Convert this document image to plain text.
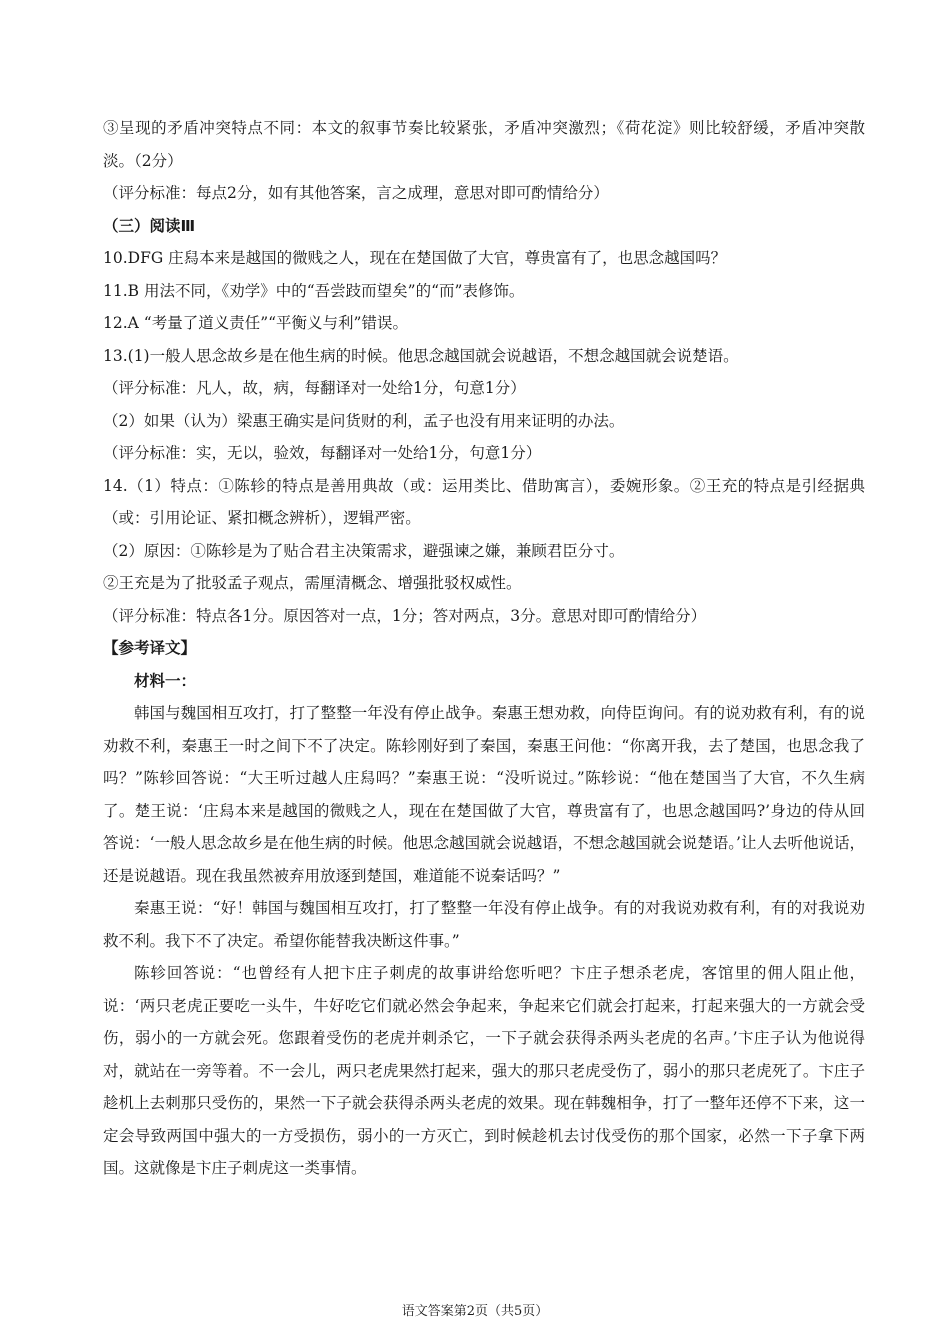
③呈现的矛盾冲突特点不同：本文的叙事节奏比较紧张，矛盾冲突激烈；《荷花淀》则比较舒缓，矛盾冲突散淡。（2分）
（评分标准：每点2分，如有其他答案，言之成理，意思对即可酌情给分）
（三）阅读Ⅲ
10.DFG 庄舄本来是越国的微贱之人，现在在楚国做了大官，尊贵富有了，也思念越国吗？
11.B 用法不同，《劝学》中的“吾尝跂而望矣”的“而”表修饰。
12.A “考量了道义责任”“平衡义与利”错误。
13.(1)一般人思念故乡是在他生病的时候。他思念越国就会说越语，不想念越国就会说楚语。
（评分标准：凡人，故，病，每翻译对一处给1分，句意1分）
（2）如果（认为）梁惠王确实是问货财的利，孟子也没有用来证明的办法。
（评分标准：实，无以，验效，每翻译对一处给1分，句意1分）
14.（1）特点：①陈轸的特点是善用典故（或：运用类比、借助寓言），委婉形象。②王充的特点是引经据典（或：引用论证、紧扣概念辨析），逻辑严密。
（2）原因：①陈轸是为了贴合君主决策需求，避强谏之嫌，兼顾君臣分寸。
②王充是为了批驳孟子观点，需厘清概念、增强批驳权威性。
（评分标准：特点各1分。原因答对一点，1分；答对两点，3分。意思对即可酌情给分）
【参考译文】
材料一：
韩国与魏国相互攻打，打了整整一年没有停止战争。秦惠王想劝救，向侍臣询问。有的说劝救有利，有的说劝救不利，秦惠王一时之间下不了决定。陈轸刚好到了秦国，秦惠王问他：“你离开我，去了楚国，也思念我了吗？”陈轸回答说：“大王听过越人庄舄吗？”秦惠王说：“没听说过。”陈轸说：“他在楚国当了大官，不久生病了。楚王说：‘庄舄本来是越国的微贱之人，现在在楚国做了大官，尊贵富有了，也思念越国吗?’身边的侍从回答说：‘一般人思念故乡是在他生病的时候。他思念越国就会说越语，不想念越国就会说楚语。’让人去听他说话，还是说越语。现在我虽然被弃用放逐到楚国，难道能不说秦话吗？”
秦惠王说：“好！韩国与魏国相互攻打，打了整整一年没有停止战争。有的对我说劝救有利，有的对我说劝救不利。我下不了决定。希望你能替我决断这件事。”
陈轸回答说：“也曾经有人把卞庄子刺虎的故事讲给您听吧？卞庄子想杀老虎，客馆里的佣人阻止他，说：‘两只老虎正要吃一头牛，牛好吃它们就必然会争起来，争起来它们就会打起来，打起来强大的一方就会受伤，弱小的一方就会死。您跟着受伤的老虎并刺杀它，一下子就会获得杀两头老虎的名声。’卞庄子认为他说得对，就站在一旁等着。不一会儿，两只老虎果然打起来，强大的那只老虎受伤了，弱小的那只老虎死了。卞庄子趁机上去刺那只受伤的，果然一下子就会获得杀两头老虎的效果。现在韩魏相争，打了一整年还停不下来，这一定会导致两国中强大的一方受损伤，弱小的一方灭亡，到时候趁机去讨伐受伤的那个国家，必然一下子拿下两国。这就像是卞庄子刺虎这一类事情。
语文答案第2页（共5页）
